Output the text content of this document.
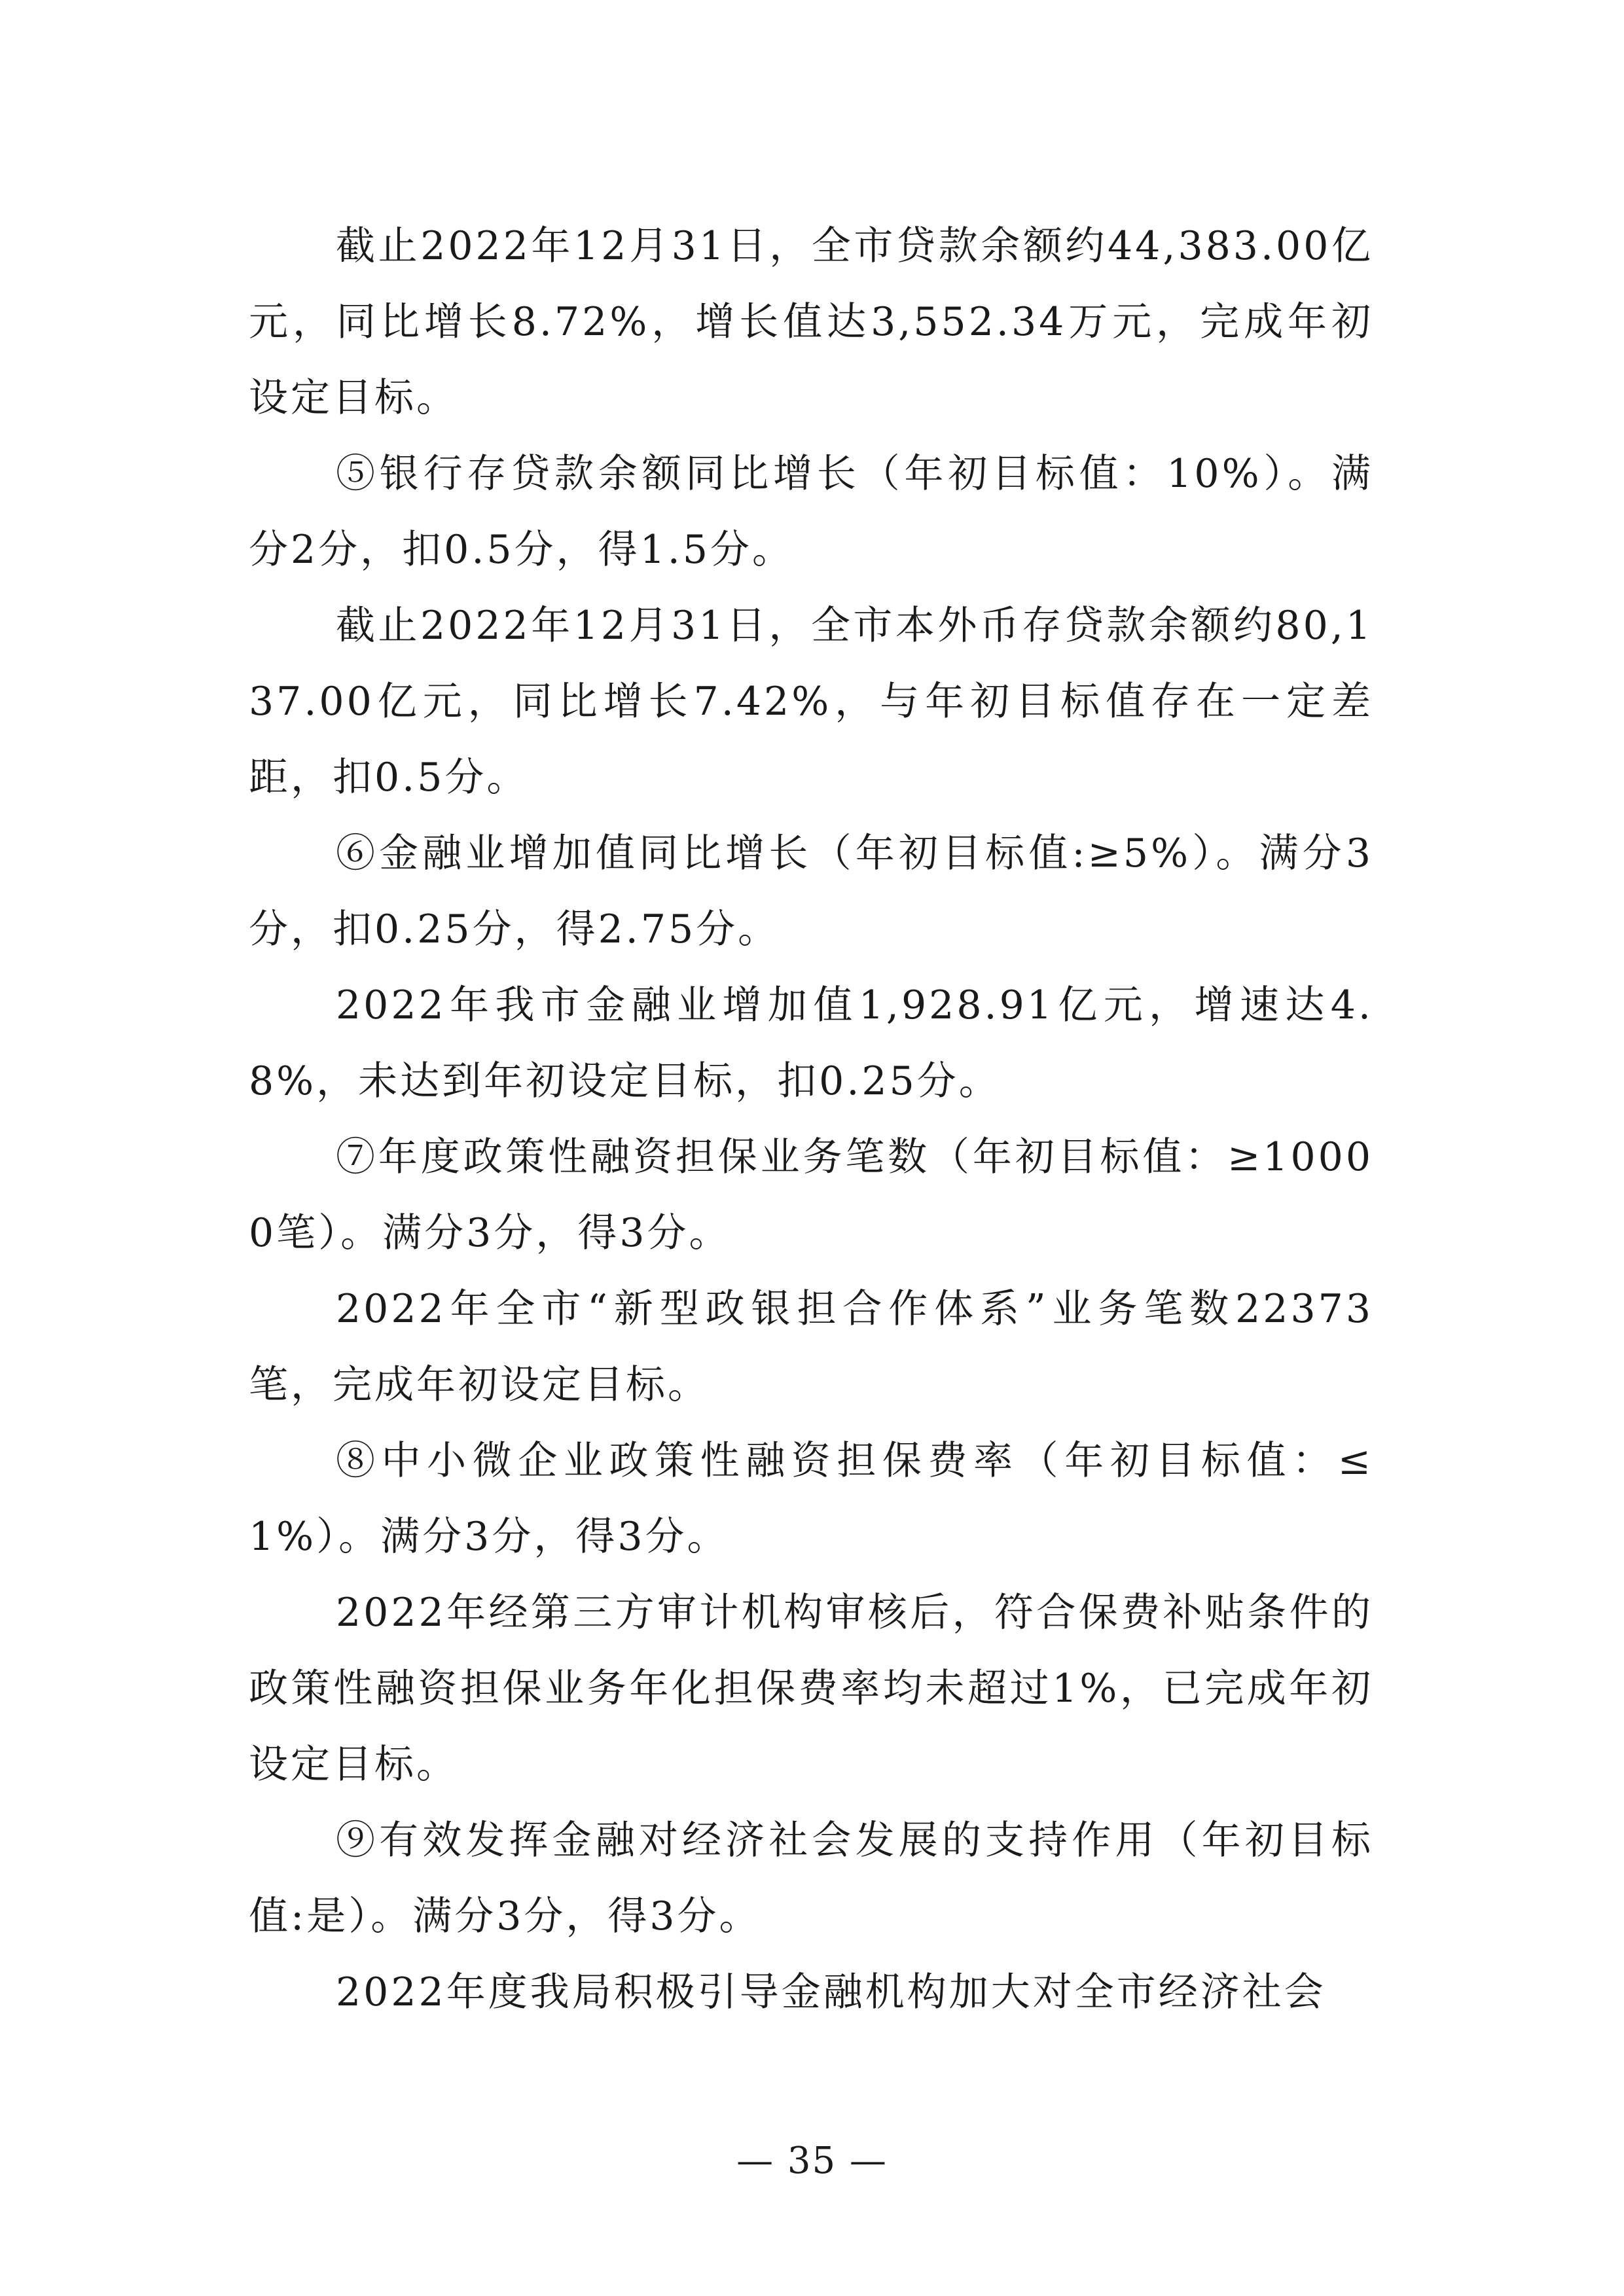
截止2022年12月31日，全市贷款余额约44,383.00亿元，同比增长8.72%，增长值达3,552.34万元，完成年初设定目标。

⑤银行存贷款余额同比增长（年初目标值：10%）。满分2分，扣0.5分，得1.5分。

截止2022年12月31日，全市本外币存贷款余额约80,137.00亿元，同比增长7.42%，与年初目标值存在一定差距，扣0.5分。

⑥金融业增加值同比增长（年初目标值:≥5%）。满分3分，扣0.25分，得2.75分。

2022年我市金融业增加值1,928.91亿元，增速达4.8%，未达到年初设定目标，扣0.25分。

⑦年度政策性融资担保业务笔数（年初目标值：≥10000笔）。满分3分，得3分。

2022年全市“新型政银担合作体系”业务笔数22373笔，完成年初设定目标。

⑧中小微企业政策性融资担保费率（年初目标值：≤1%）。满分3分，得3分。

2022年经第三方审计机构审核后，符合保费补贴条件的政策性融资担保业务年化担保费率均未超过1%，已完成年初设定目标。

⑨有效发挥金融对经济社会发展的支持作用（年初目标值:是）。满分3分，得3分。

2022年度我局积极引导金融机构加大对全市经济社会

— 35 —
